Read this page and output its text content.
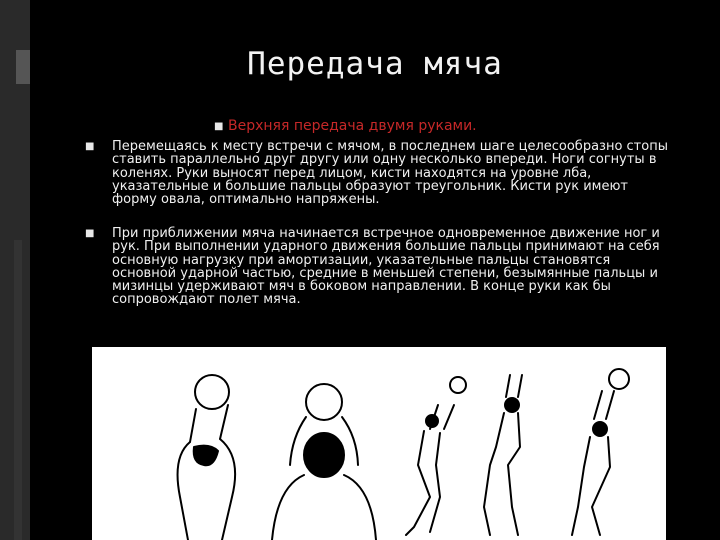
Передача мяча
■ Верхняя передача двумя руками.
■	Перемещаясь к месту встречи с мячом, в последнем шаге целесообразно стопы ставить параллельно друг другу или одну несколько впереди. Ноги согнуты в коленях. Руки выносят перед лицом, кисти находятся на уровне лба, указательные и большие пальцы образуют треугольник. Кисти рук имеют форму овала, оптимально напряжены.
■	При приближении мяча начинается встречное одновременное движение ног и рук. При выполнении ударного движения большие пальцы принимают на себя основную нагрузку при амортизации, указательные пальцы становятся основной ударной частью, средние в меньшей степени, безымянные пальцы и мизинцы удерживают мяч в боковом направлении. В конце руки как бы сопровождают полет мяча.
